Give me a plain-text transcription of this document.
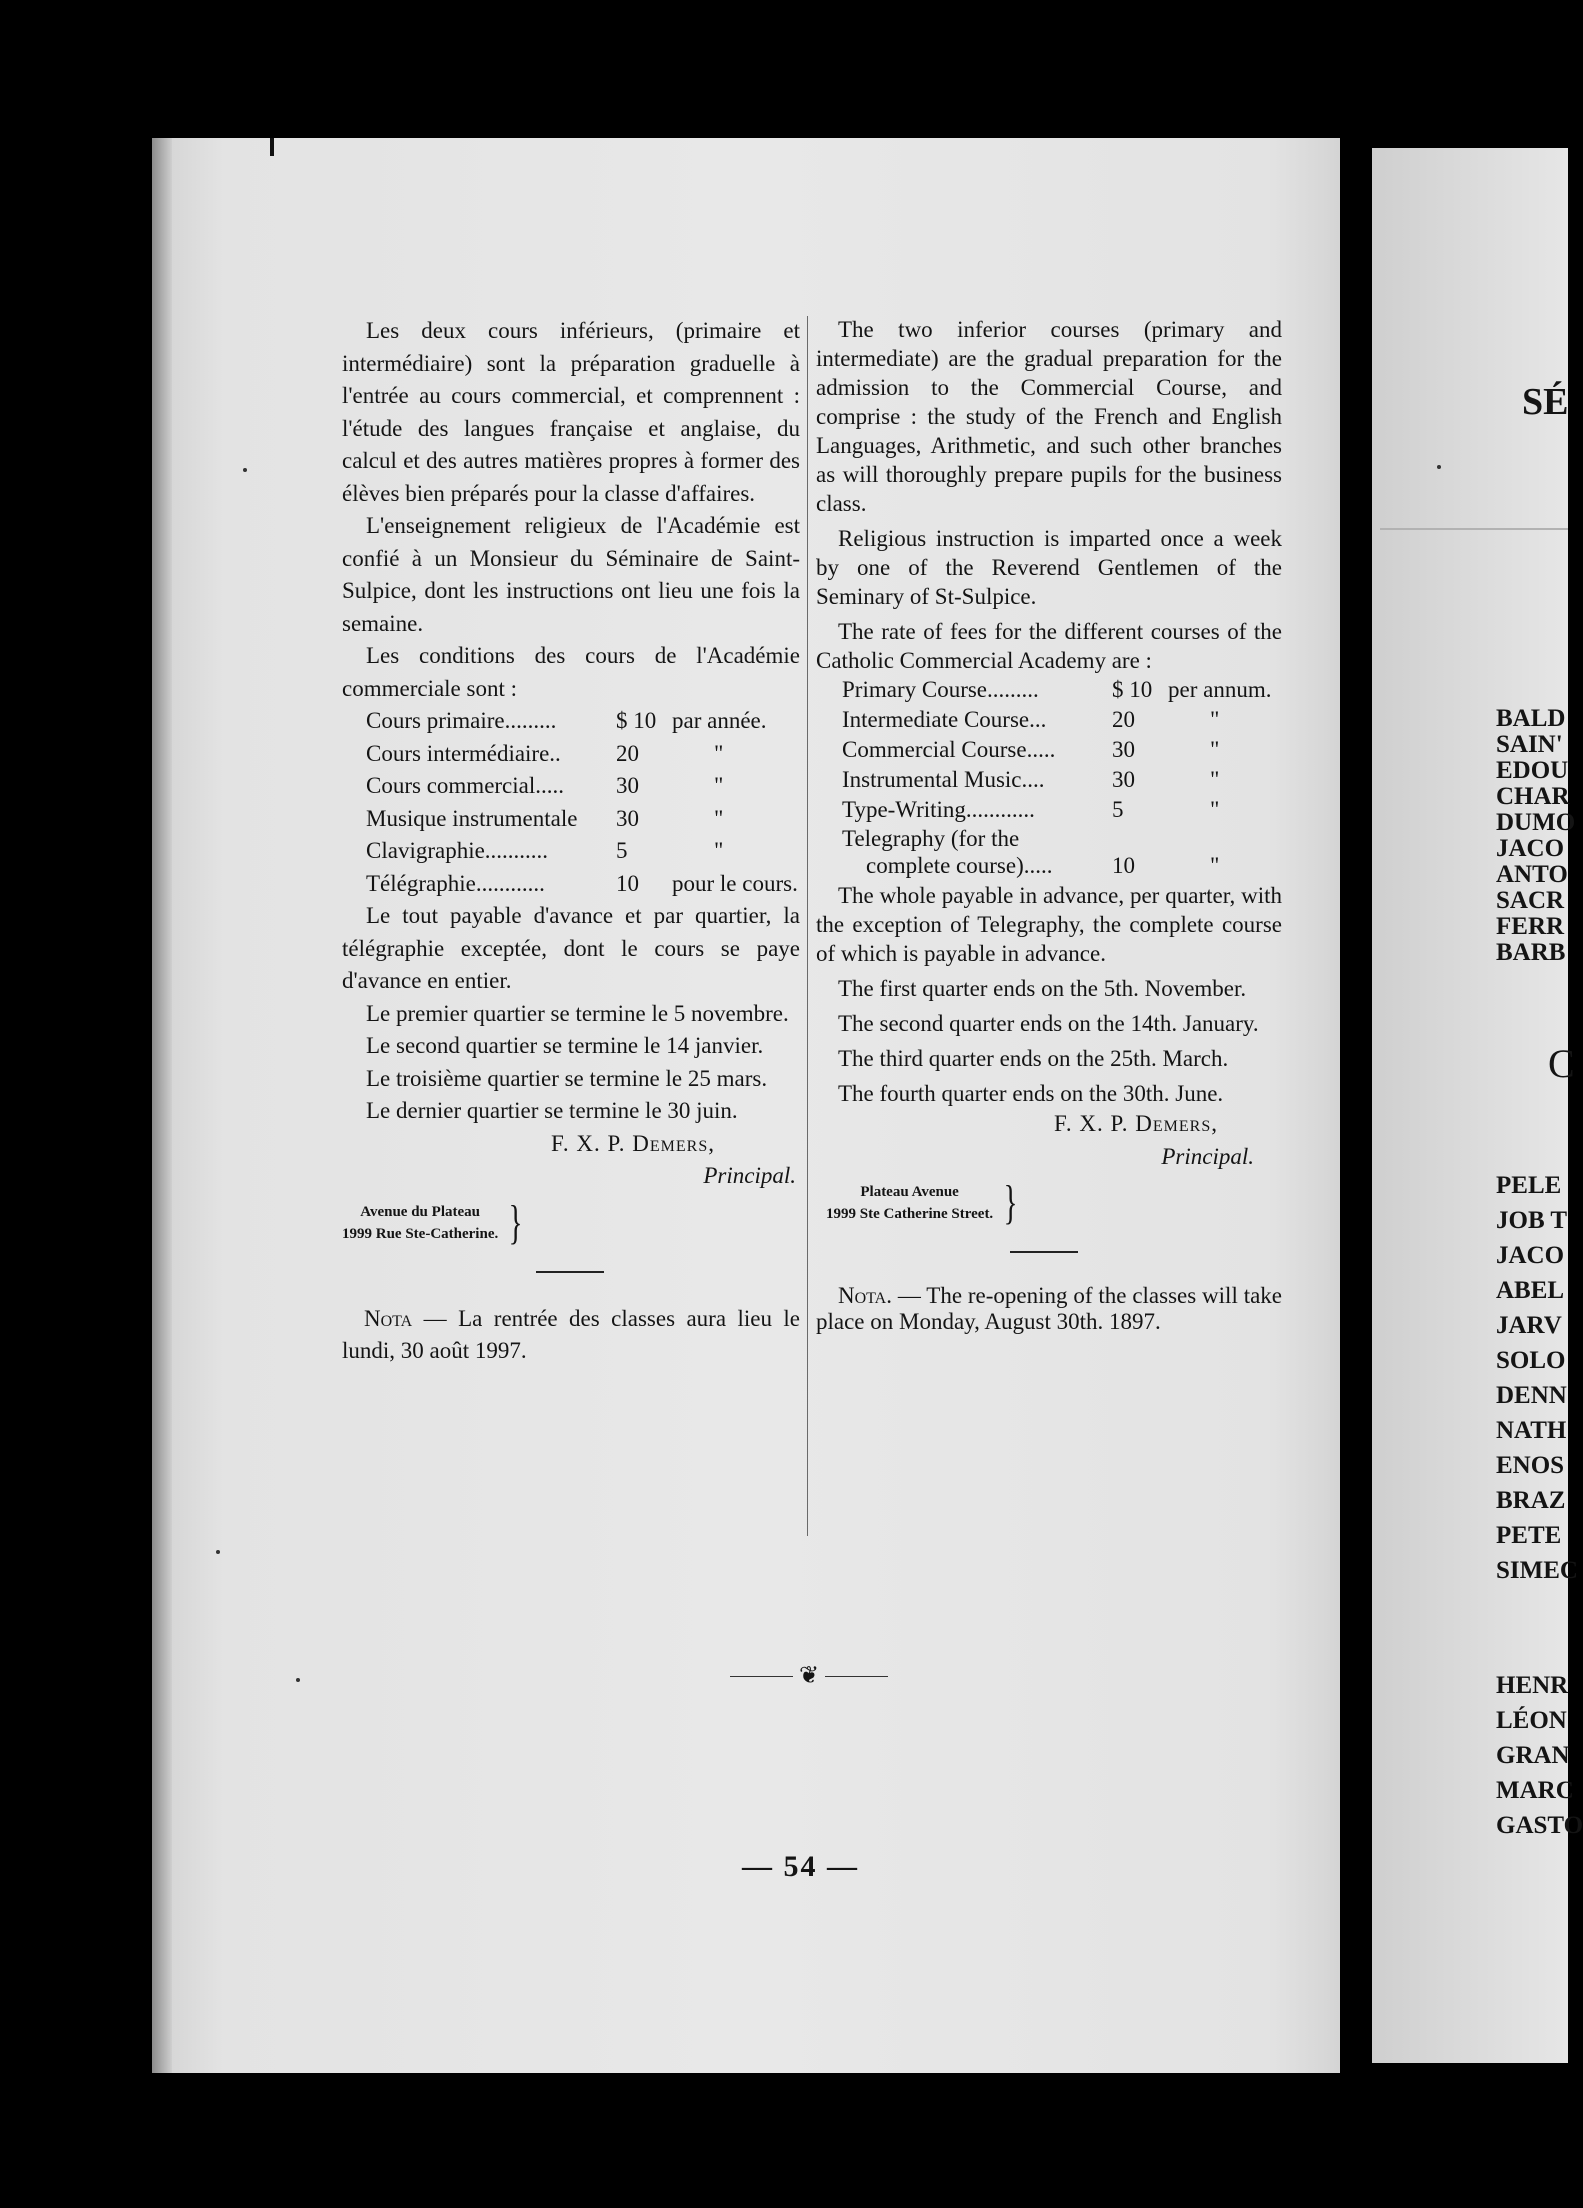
SÉ
BALD
SAIN'
EDOU
CHAR
DUMO
JACO
ANTO
SACR
FERR
BARB
C
PELE
JOB T
JACO
ABEL
JARV
SOLO
DENN
NATH
ENOS
BRAZ
PETE
SIMEC
HENR
LÉON
GRAN
MARC
GASTO

Les deux cours inférieurs, (primaire et intermédiaire) sont la préparation graduelle à l'entrée au cours commercial, et comprennent : l'étude des langues française et anglaise, du calcul et des autres matières propres à former des élèves bien préparés pour la classe d'affaires.

L'enseignement religieux de l'Académie est confié à un Monsieur du Séminaire de Saint-Sulpice, dont les instructions ont lieu une fois la semaine.

Les conditions des cours de l'Académie commerciale sont :

Cours primaire.........	$ 10 par année.
Cours intermédiaire..	20	"
Cours commercial.....	30	"
Musique instrumentale	30	"
Clavigraphie...........	5	"
Télégraphie............	10	pour le cours.

Le tout payable d'avance et par quartier, la télégraphie exceptée, dont le cours se paye d'avance en entier.

Le premier quartier se termine le 5 novembre.

Le second quartier se termine le 14 janvier.

Le troisième quartier se termine le 25 mars.

Le dernier quartier se termine le 30 juin.

F. X. P. Demers,
Principal.
Avenue du Plateau
1999 Rue Ste-Catherine. }

Nota — La rentrée des classes aura lieu le lundi, 30 août 1997.

The two inferior courses (primary and intermediate) are the gradual preparation for the admission to the Commercial Course, and comprise : the study of the French and English Languages, Arithmetic, and such other branches as will thoroughly prepare pupils for the business class.

Religious instruction is imparted once a week by one of the Reverend Gentlemen of the Seminary of St-Sulpice.

The rate of fees for the different courses of the Catholic Commercial Academy are :

Primary Course.........	$ 10 per annum.
Intermediate Course...	20	"
Commercial Course.....	30	"
Instrumental Music....	30	"
Type-Writing............	5	"
Telegraphy (for the
complete course).....	10	"

The whole payable in advance, per quarter, with the exception of Telegraphy, the complete course of which is payable in advance.

The first quarter ends on the 5th. November.

The second quarter ends on the 14th. January.

The third quarter ends on the 25th. March.

The fourth quarter ends on the 30th. June.

F. X. P. Demers,
Principal.
Plateau Avenue
1999 Ste Catherine Street. }

Nota. — The re-opening of the classes will take place on Monday, August 30th. 1897.

❦
— 54 —
